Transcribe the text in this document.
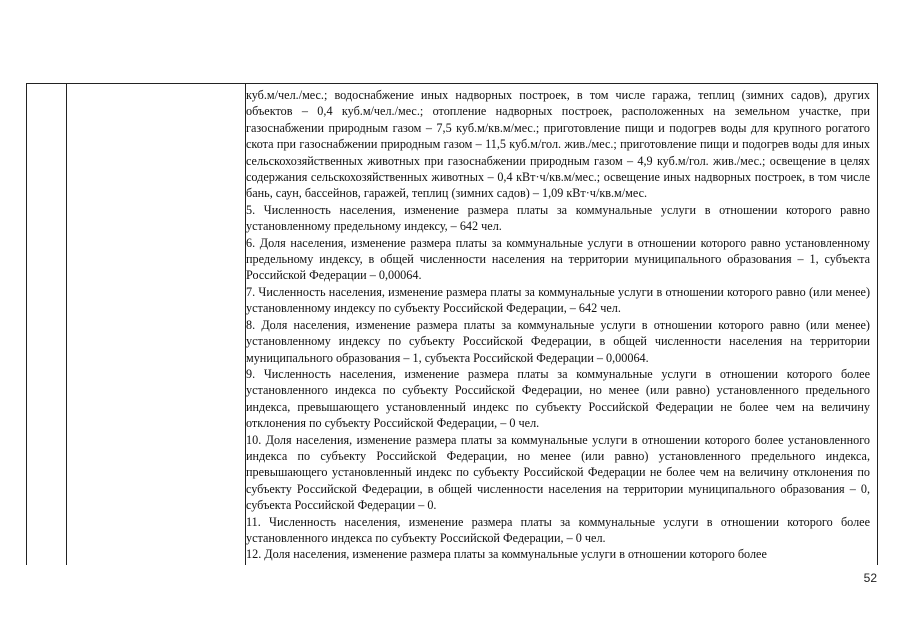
куб.м/чел./мес.; водоснабжение иных надворных построек, в том числе гаража, теплиц (зимних садов), других объектов – 0,4 куб.м/чел./мес.; отопление надворных построек, расположенных на земельном участке, при газоснабжении природным газом – 7,5 куб.м/кв.м/мес.; приготовление пищи и подогрев воды для крупного рогатого скота при газоснабжении природным газом – 11,5 куб.м/гол. жив./мес.; приготовление пищи и подогрев воды для иных сельскохозяйственных животных при газоснабжении природным газом – 4,9 куб.м/гол. жив./мес.; освещение в целях содержания сельскохозяйственных животных – 0,4 кВт·ч/кв.м/мес.; освещение иных надворных построек, в том числе бань, саун, бассейнов, гаражей, теплиц (зимних садов) – 1,09 кВт·ч/кв.м/мес.

5. Численность населения, изменение размера платы за коммунальные услуги в отношении которого равно установленному предельному индексу, – 642 чел.

6. Доля населения, изменение размера платы за коммунальные услуги в отношении которого равно установленному предельному индексу, в общей численности населения на территории муниципального образования – 1, субъекта Российской Федерации – 0,00064.

7. Численность населения, изменение размера платы за коммунальные услуги в отношении которого равно (или менее) установленному индексу по субъекту Российской Федерации, – 642 чел.

8. Доля населения, изменение размера платы за коммунальные услуги в отношении которого равно (или менее) установленному индексу по субъекту Российской Федерации, в общей численности населения на территории муниципального образования – 1, субъекта Российской Федерации – 0,00064.

9. Численность населения, изменение размера платы за коммунальные услуги в отношении которого более установленного индекса по субъекту Российской Федерации, но менее (или равно) установленного предельного индекса, превышающего установленный индекс по субъекту Российской Федерации не более чем на величину отклонения по субъекту Российской Федерации, – 0 чел.

10. Доля населения, изменение размера платы за коммунальные услуги в отношении которого более установленного индекса по субъекту Российской Федерации, но менее (или равно) установленного предельного индекса, превышающего установленный индекс по субъекту Российской Федерации не более чем на величину отклонения по субъекту Российской Федерации, в общей численности населения на территории муниципального образования – 0, субъекта Российской Федерации – 0.

11. Численность населения, изменение размера платы за коммунальные услуги в отношении которого более установленного индекса по субъекту Российской Федерации, – 0 чел.

12. Доля населения, изменение размера платы за коммунальные услуги в отношении которого более

52
